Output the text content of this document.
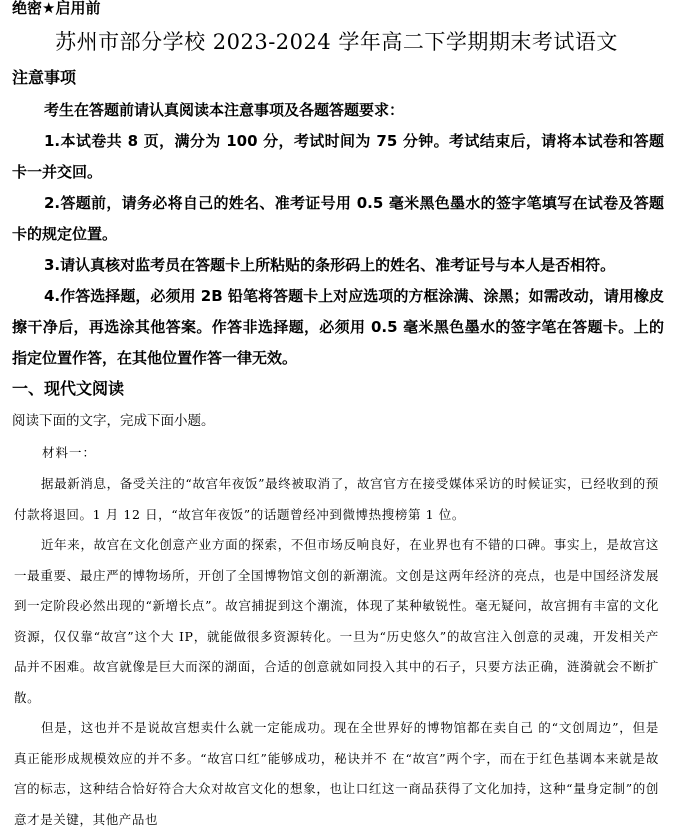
绝密★启用前
苏州市部分学校 2023-2024 学年高二下学期期末考试语文
注意事项

考生在答题前请认真阅读本注意事项及各题答题要求：

1.本试卷共 8 页，满分为 100 分，考试时间为 75 分钟。考试结束后，请将本试卷和答题卡一并交回。

2.答题前，请务必将自己的姓名、准考证号用 0.5 毫米黑色墨水的签字笔填写在试卷及答题卡的规定位置。

3.请认真核对监考员在答题卡上所粘贴的条形码上的姓名、准考证号与本人是否相符。

4.作答选择题，必须用 2B 铅笔将答题卡上对应选项的方框涂满、涂黑；如需改动，请用橡皮擦干净后，再选涂其他答案。作答非选择题，必须用 0.5 毫米黑色墨水的签字笔在答题卡。上的指定位置作答，在其他位置作答一律无效。

一、现代文阅读
阅读下面的文字，完成下面小题。
材料一：

据最新消息，备受关注的“故宫年夜饭”最终被取消了，故宫官方在接受媒体采访的时候证实，已经收到的预付款将退回。1 月 12 日，“故宫年夜饭”的话题曾经冲到微博热搜榜第 1 位。

近年来，故宫在文化创意产业方面的探索，不但市场反响良好，在业界也有不错的口碑。事实上，是故宫这一最重要、最庄严的博物场所，开创了全国博物馆文创的新潮流。文创是这两年经济的亮点，也是中国经济发展到一定阶段必然出现的“新增长点”。故宫捕捉到这个潮流，体现了某种敏锐性。毫无疑问，故宫拥有丰富的文化资源，仅仅靠“故宫”这个大 IP，就能做很多资源转化。一旦为“历史悠久”的故宫注入创意的灵魂，开发相关产品并不困难。故宫就像是巨大而深的湖面，合适的创意就如同投入其中的石子，只要方法正确，涟漪就会不断扩散。

但是，这也并不是说故宫想卖什么就一定能成功。现在全世界好的博物馆都在卖自己 的“文创周边”，但是真正能形成规模效应的并不多。“故宫口红”能够成功，秘诀并不 在“故宫”两个字，而在于红色基调本来就是故宫的标志，这种结合恰好符合大众对故宫文化的想象，也让口红这一商品获得了文化加持，这种“量身定制”的创意才是关键，其他产品也
